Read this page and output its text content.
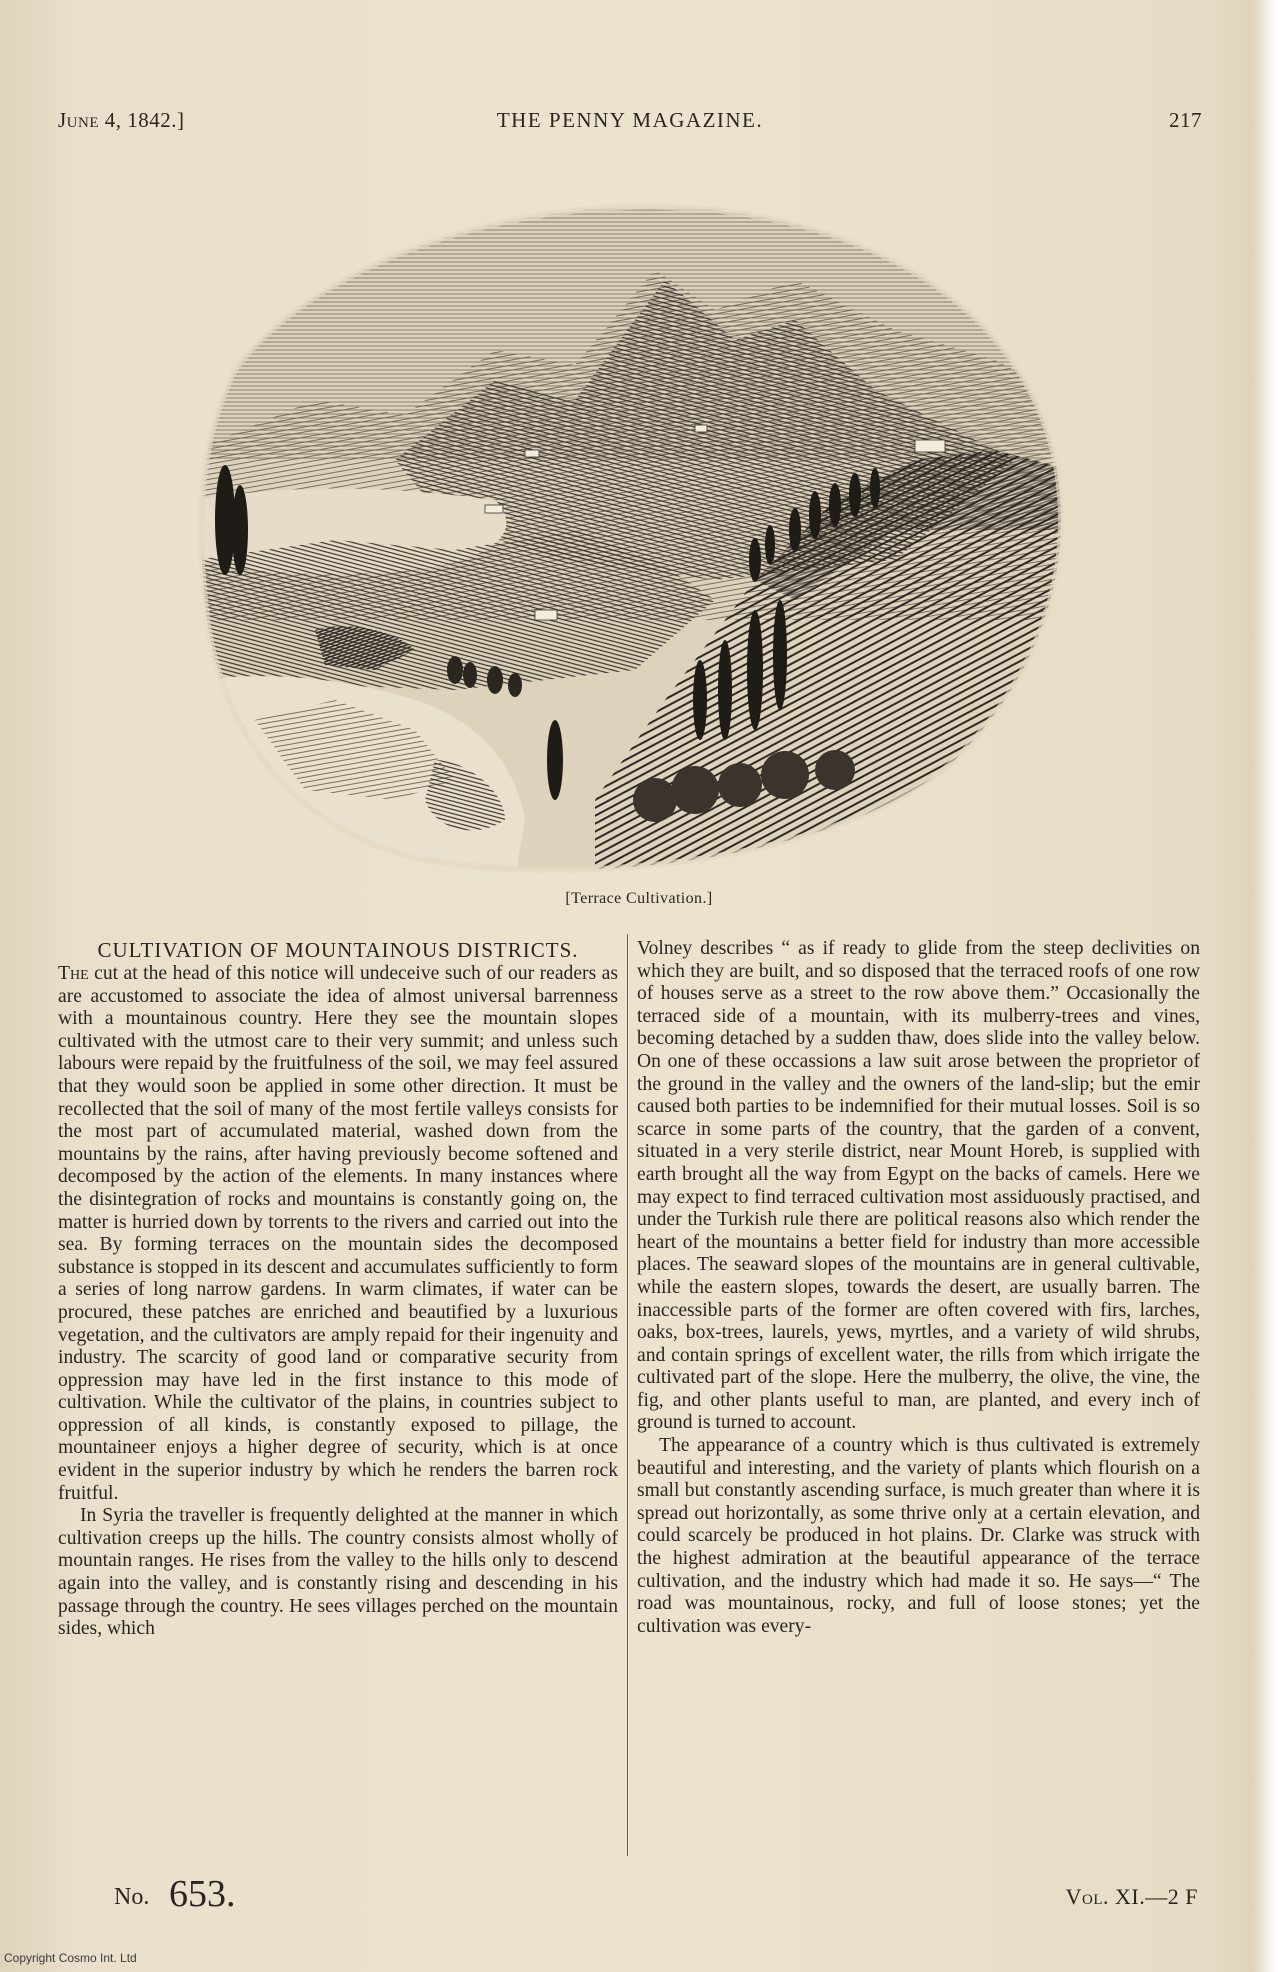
June 4, 1842.]	THE PENNY MAGAZINE.	217
[Terrace Cultivation.]

CULTIVATION OF MOUNTAINOUS DISTRICTS.

The cut at the head of this notice will undeceive such of our readers as are accustomed to associate the idea of almost universal barrenness with a mountainous country. Here they see the mountain slopes cultivated with the utmost care to their very summit; and unless such labours were repaid by the fruitfulness of the soil, we may feel assured that they would soon be applied in some other direction. It must be recollected that the soil of many of the most fertile valleys consists for the most part of accumulated material, washed down from the mountains by the rains, after having previously become softened and decomposed by the action of the elements. In many instances where the disintegration of rocks and mountains is constantly going on, the matter is hurried down by torrents to the rivers and carried out into the sea. By forming terraces on the mountain sides the decomposed substance is stopped in its descent and accumulates sufficiently to form a series of long narrow gardens. In warm climates, if water can be procured, these patches are enriched and beautified by a luxurious vegetation, and the cultivators are amply repaid for their ingenuity and industry. The scarcity of good land or comparative security from oppression may have led in the first instance to this mode of cultivation. While the cultivator of the plains, in countries subject to oppression of all kinds, is constantly exposed to pillage, the mountaineer enjoys a higher degree of security, which is at once evident in the superior industry by which he renders the barren rock fruitful.

In Syria the traveller is frequently delighted at the manner in which cultivation creeps up the hills. The country consists almost wholly of mountain ranges. He rises from the valley to the hills only to descend again into the valley, and is constantly rising and descending in his passage through the country. He sees villages perched on the mountain sides, which

Volney describes “ as if ready to glide from the steep declivities on which they are built, and so disposed that the terraced roofs of one row of houses serve as a street to the row above them.” Occasionally the terraced side of a mountain, with its mulberry-trees and vines, becoming detached by a sudden thaw, does slide into the valley below. On one of these occassions a law suit arose between the proprietor of the ground in the valley and the owners of the land-slip; but the emir caused both parties to be indemnified for their mutual losses. Soil is so scarce in some parts of the country, that the garden of a convent, situated in a very sterile district, near Mount Horeb, is supplied with earth brought all the way from Egypt on the backs of camels. Here we may expect to find terraced cultivation most assiduously practised, and under the Turkish rule there are political reasons also which render the heart of the mountains a better field for industry than more accessible places. The seaward slopes of the mountains are in general cultivable, while the eastern slopes, towards the desert, are usually barren. The inaccessible parts of the former are often covered with firs, larches, oaks, box-trees, laurels, yews, myrtles, and a variety of wild shrubs, and contain springs of excellent water, the rills from which irrigate the cultivated part of the slope. Here the mulberry, the olive, the vine, the fig, and other plants useful to man, are planted, and every inch of ground is turned to account.

The appearance of a country which is thus cultivated is extremely beautiful and interesting, and the variety of plants which flourish on a small but constantly ascending surface, is much greater than where it is spread out horizontally, as some thrive only at a certain elevation, and could scarcely be produced in hot plains. Dr. Clarke was struck with the highest admiration at the beautiful appearance of the terrace cultivation, and the industry which had made it so. He says—“ The road was mountainous, rocky, and full of loose stones; yet the cultivation was every-

No. 653.	Vol. XI.—2 F
Copyright Cosmo Int. Ltd
